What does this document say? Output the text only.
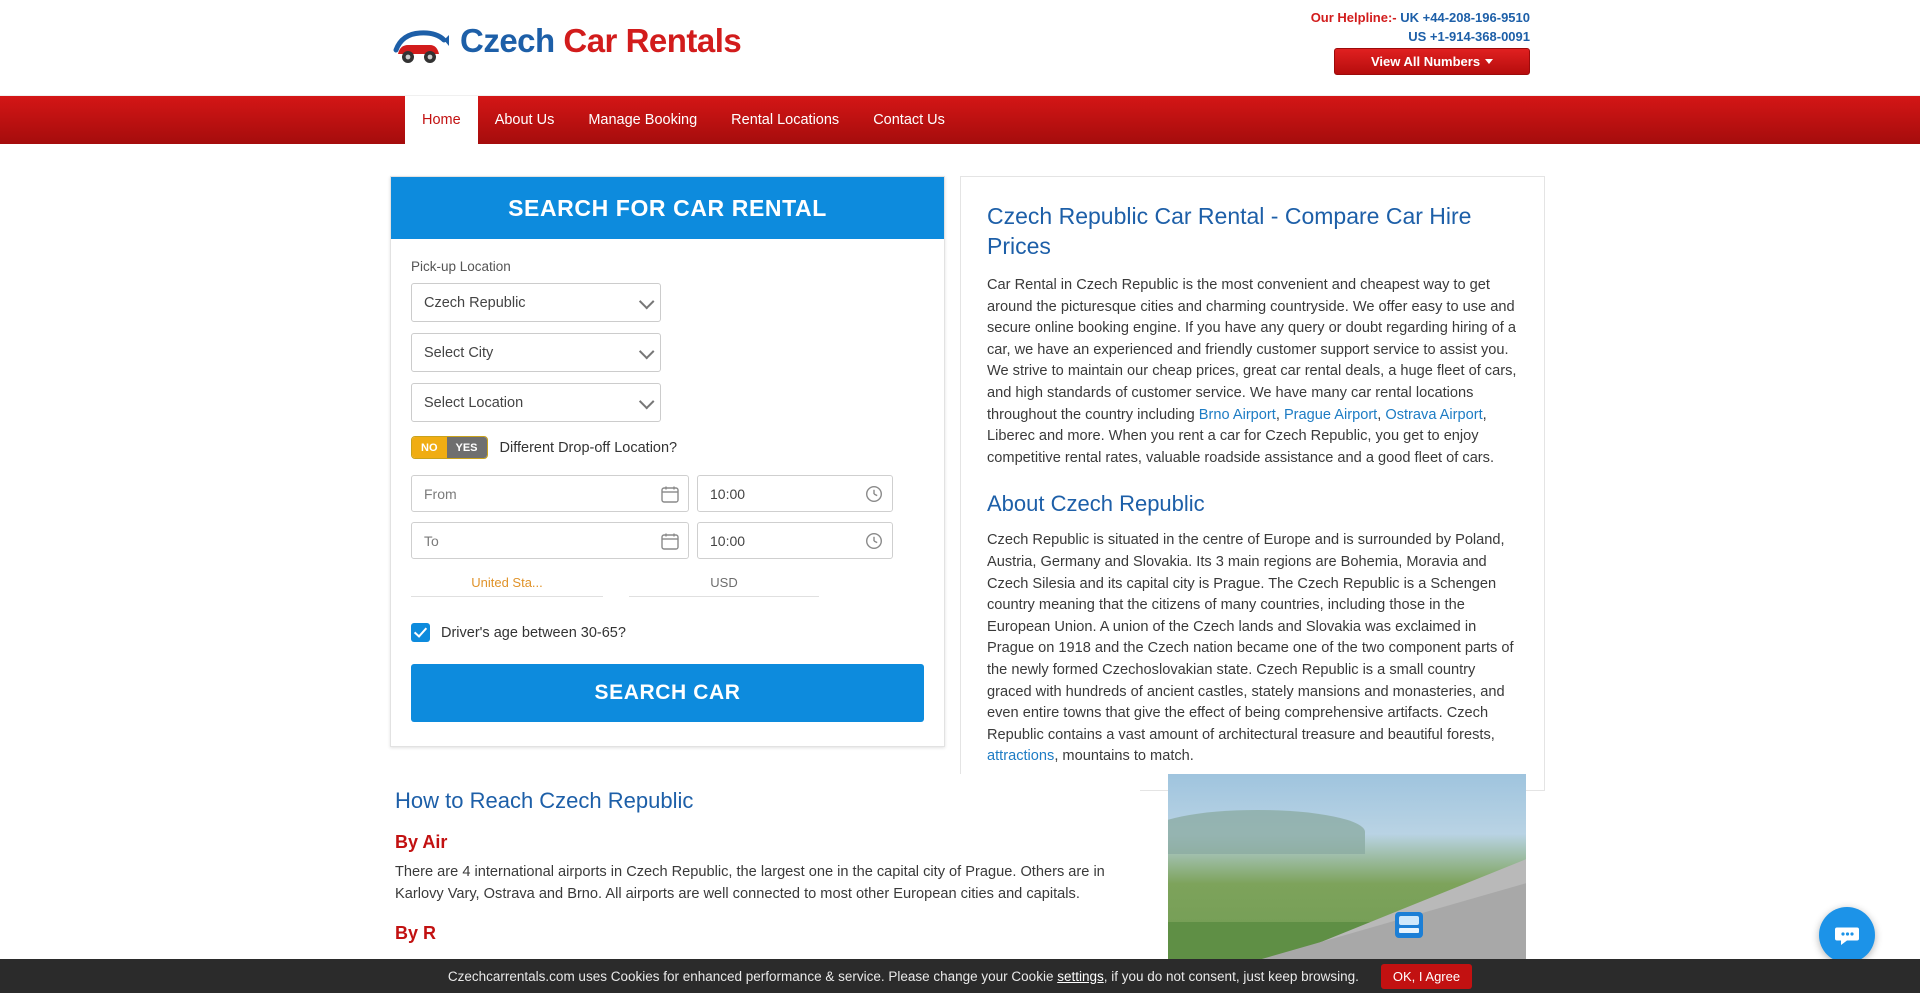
Czech Car Rentals
Our Helpline:- UK +44-208-196-9510
US +1-914-368-0091
View All Numbers
Home About Us Manage Booking Rental Locations Contact Us
SEARCH FOR CAR RENTAL
Pick-up Location
Czech Republic
Select City
Select Location
NO	YES	Different Drop-off Location?
From	10:00
To	10:00
United Sta...	USD
Driver's age between 30-65?
SEARCH CAR
Czech Republic Car Rental - Compare Car Hire Prices

Car Rental in Czech Republic is the most convenient and cheapest way to get around the picturesque cities and charming countryside. We offer easy to use and secure online booking engine. If you have any query or doubt regarding hiring of a car, we have an experienced and friendly customer support service to assist you. We strive to maintain our cheap prices, great car rental deals, a huge fleet of cars, and high standards of customer service. We have many car rental locations throughout the country including Brno Airport, Prague Airport, Ostrava Airport, Liberec and more. When you rent a car for Czech Republic, you get to enjoy competitive rental rates, valuable roadside assistance and a good fleet of cars.

About Czech Republic

Czech Republic is situated in the centre of Europe and is surrounded by Poland, Austria, Germany and Slovakia. Its 3 main regions are Bohemia, Moravia and Czech Silesia and its capital city is Prague. The Czech Republic is a Schengen country meaning that the citizens of many countries, including those in the European Union. A union of the Czech lands and Slovakia was exclaimed in Prague on 1918 and the Czech nation became one of the two component parts of the newly formed Czechoslovakian state. Czech Republic is a small country graced with hundreds of ancient castles, stately mansions and monasteries, and even entire towns that give the effect of being comprehensive artifacts. Czech Republic contains a vast amount of architectural treasure and beautiful forests, attractions, mountains to match.

How to Reach Czech Republic
By Air

There are 4 international airports in Czech Republic, the largest one in the capital city of Prague. Others are in Karlovy Vary, Ostrava and Brno. All airports are well connected to most other European cities and capitals.

By R
Czechcarrentals.com uses Cookies for enhanced performance & service. Please change your Cookie settings, if you do not consent, just keep browsing.	OK, I Agree
